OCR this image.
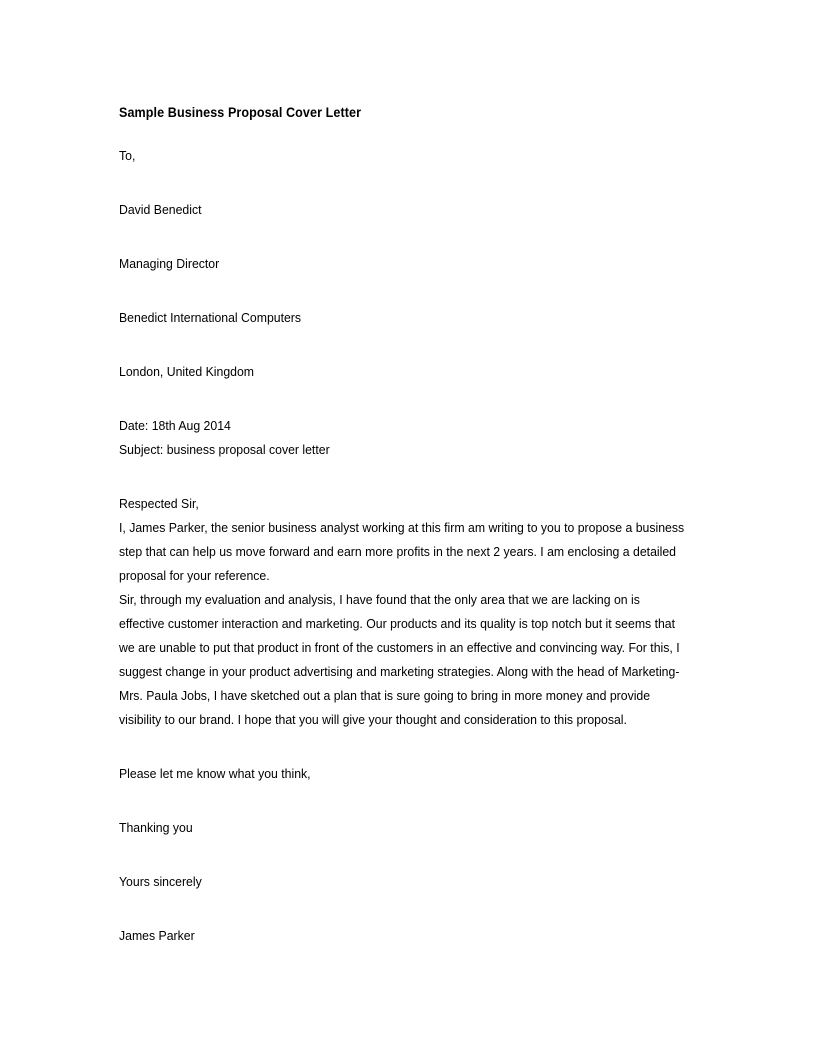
Sample Business Proposal Cover Letter

To,

David Benedict

Managing Director

Benedict International Computers

London, United Kingdom

Date: 18th Aug 2014

Subject: business proposal cover letter

Respected Sir,

I, James Parker, the senior business analyst working at this firm am writing to you to propose a business step that can help us move forward and earn more profits in the next 2 years. I am enclosing a detailed proposal for your reference.

Sir, through my evaluation and analysis, I have found that the only area that we are lacking on is effective customer interaction and marketing. Our products and its quality is top notch but it seems that we are unable to put that product in front of the customers in an effective and convincing way. For this, I suggest change in your product advertising and marketing strategies. Along with the head of Marketing-Mrs. Paula Jobs, I have sketched out a plan that is sure going to bring in more money and provide visibility to our brand. I hope that you will give your thought and consideration to this proposal.

Please let me know what you think,

Thanking you

Yours sincerely

James Parker
